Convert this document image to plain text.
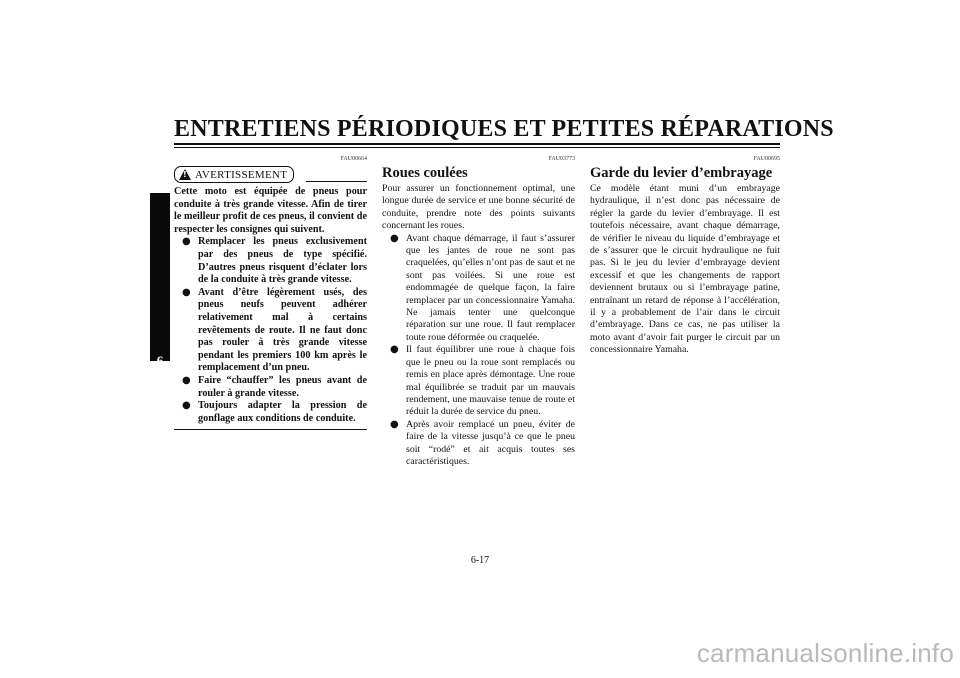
ENTRETIENS PÉRIODIQUES ET PETITES RÉPARATIONS
6
FAU00664
!
AVERTISSEMENT

Cette moto est équipée de pneus pour conduite à très grande vitesse. Afin de tirer le meilleur profit de ces pneus, il convient de respecter les consignes qui suivent.

● Remplacer les pneus exclusivement par des pneus de type spécifié. D’autres pneus risquent d’éclater lors de la conduite à très grande vitesse.
● Avant d’être légèrement usés, des pneus neufs peuvent adhérer relativement mal à certains revêtements de route. Il ne faut donc pas rouler à très grande vitesse pendant les premiers 100 km après le remplacement d’un pneu.
● Faire “chauffer” les pneus avant de rouler à grande vitesse.
● Toujours adapter la pression de gonflage aux conditions de conduite.
FAU03773
Roues coulées

Pour assurer un fonctionnement optimal, une longue durée de service et une bonne sécurité de conduite, prendre note des points suivants concernant les roues.

● Avant chaque démarrage, il faut s’assurer que les jantes de roue ne sont pas craquelées, qu’elles n’ont pas de saut et ne sont pas voilées. Si une roue est endommagée de quelque façon, la faire remplacer par un concessionnaire Yamaha. Ne jamais tenter une quelconque réparation sur une roue. Il faut remplacer toute roue déformée ou craquelée.
● Il faut équilibrer une roue à chaque fois que le pneu ou la roue sont remplacés ou remis en place après démontage. Une roue mal équilibrée se traduit par un mauvais rendement, une mauvaise tenue de route et réduit la durée de service du pneu.
● Après avoir remplacé un pneu, éviter de faire de la vitesse jusqu’à ce que le pneu soit “rodé” et ait acquis toutes ses caractéristiques.
FAU00695
Garde du levier d’embrayage

Ce modèle étant muni d’un embrayage hydraulique, il n’est donc pas nécessaire de régler la garde du levier d’embrayage. Il est toutefois nécessaire, avant chaque démarrage, de vérifier le niveau du liquide d’embrayage et de s’assurer que le circuit hydraulique ne fuit pas. Si le jeu du levier d’embrayage devient excessif et que les changements de rapport deviennent brutaux ou si l’embrayage patine, entraînant un retard de réponse à l’accélération, il y a probablement de l’air dans le circuit d’embrayage. Dans ce cas, ne pas utiliser la moto avant d’avoir fait purger le circuit par un concessionnaire Yamaha.

6-17
carmanualsonline.info
